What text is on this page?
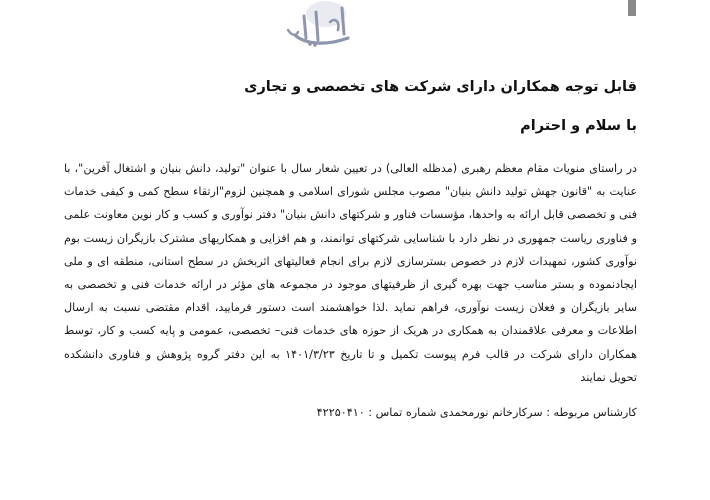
قابل توجه همکاران دارای شرکت های تخصصی و تجاری
با سلام و احترام
در راستای منویات مقام معظم رهبری (مدظله العالی) در تعیین شعار سال با عنوان "تولید، دانش بنیان و اشتغال آفرین"، با
عنایت به "قانون جهش تولید دانش بنیان" مصوب مجلس شورای اسلامی و همچنین لزوم"ارتقاء سطح کمی و کیفی خدمات
فنی و تخصصی قابل ارائه به واحدها، مؤسسات فناور و شرکتهای دانش بنیان" دفتر نوآوری و کسب و کار نوین معاونت علمی
و فناوری ریاست جمهوری در نظر دارد با شناسایی شرکتهای توانمند، و هم افزایی و همکاریهای مشترک بازیگران زیست بوم
نوآوری کشور، تمهیدات لازم در خصوص بسترسازی لازم برای انجام فعالیتهای اثربخش در سطح استانی، منطقه ای و ملی
ایجادنموده و بستر مناسب جهت بهره گیری از ظرفیتهای موجود در مجموعه های مؤثر در ارائه خدمات فنی و تخصصی به
سایر بازیگران و فعلان زیست نوآوری، فراهم نماید .لذا خواهشمند است دستور فرمایید، اقدام مقتضی نسبت به ارسال
اطلاعات و معرفی علاقمندان به همکاری در هریک از حوزه های خدمات فنی– تخصصی، عمومی و پایه کسب و کار، توسط
همکاران دارای شرکت در قالب فرم پیوست تکمیل و تا تاریخ ۱۴۰۱/۳/۲۳ به این دفتر گروه پژوهش و فناوری دانشکده
تحویل نمایند
کارشناس مربوطه : سرکارخانم نورمحمدی شماره تماس : ۴۲۲۵۰۴۱۰
